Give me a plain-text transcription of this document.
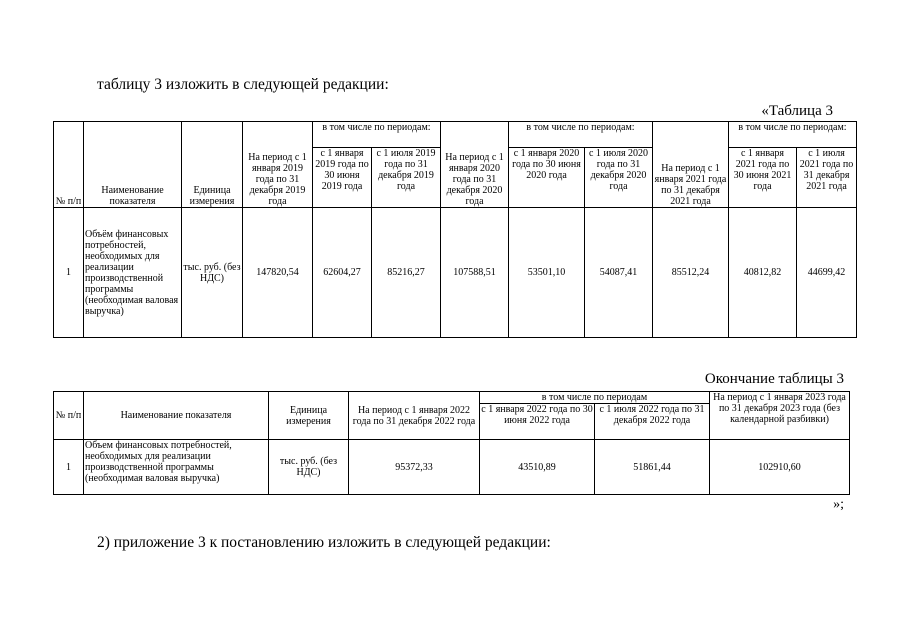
таблицу 3 изложить в следующей редакции:
«Таблица 3
№ п/п	Наименование показателя	Единица измерения	На период с 1 января 2019 года по 31 декабря 2019 года	в том числе по периодам:		На период с 1 января 2020 года по 31 декабря 2020 года	в том числе по периодам:		На период с 1 января 2021 года по 31 декабря 2021 года	в том числе по периодам:	
				с 1 января 2019 года по 30 июня 2019 года	с 1 июля 2019 года по 31 декабря 2019 года		с 1 января 2020 года по 30 июня 2020 года	с 1 июля 2020 года по 31 декабря 2020 года		с 1 января 2021 года по 30 июня 2021 года	с 1 июля 2021 года по 31 декабря 2021 года
1	Объём финансовых потребностей, необходимых для реализации производственной программы (необходимая валовая выручка)	тыс. руб. (без НДС)	147820,54	62604,27	85216,27	107588,51	53501,10	54087,41	85512,24	40812,82	44699,42
Окончание таблицы 3
№ п/п	Наименование показателя	Единица измерения	На период с 1 января 2022 года по 31 декабря 2022 года	в том числе по периодам		На период с 1 января 2023 года по 31 декабря 2023 года (без календарной разбивки)
				с 1 января 2022 года по 30 июня 2022 года	с 1 июля 2022 года по 31 декабря 2022 года	
1	Объем финансовых потребностей, необходимых для реализации производственной программы (необходимая валовая выручка)	тыс. руб. (без НДС)	95372,33	43510,89	51861,44	102910,60
»;
2) приложение 3 к постановлению изложить в следующей редакции:
